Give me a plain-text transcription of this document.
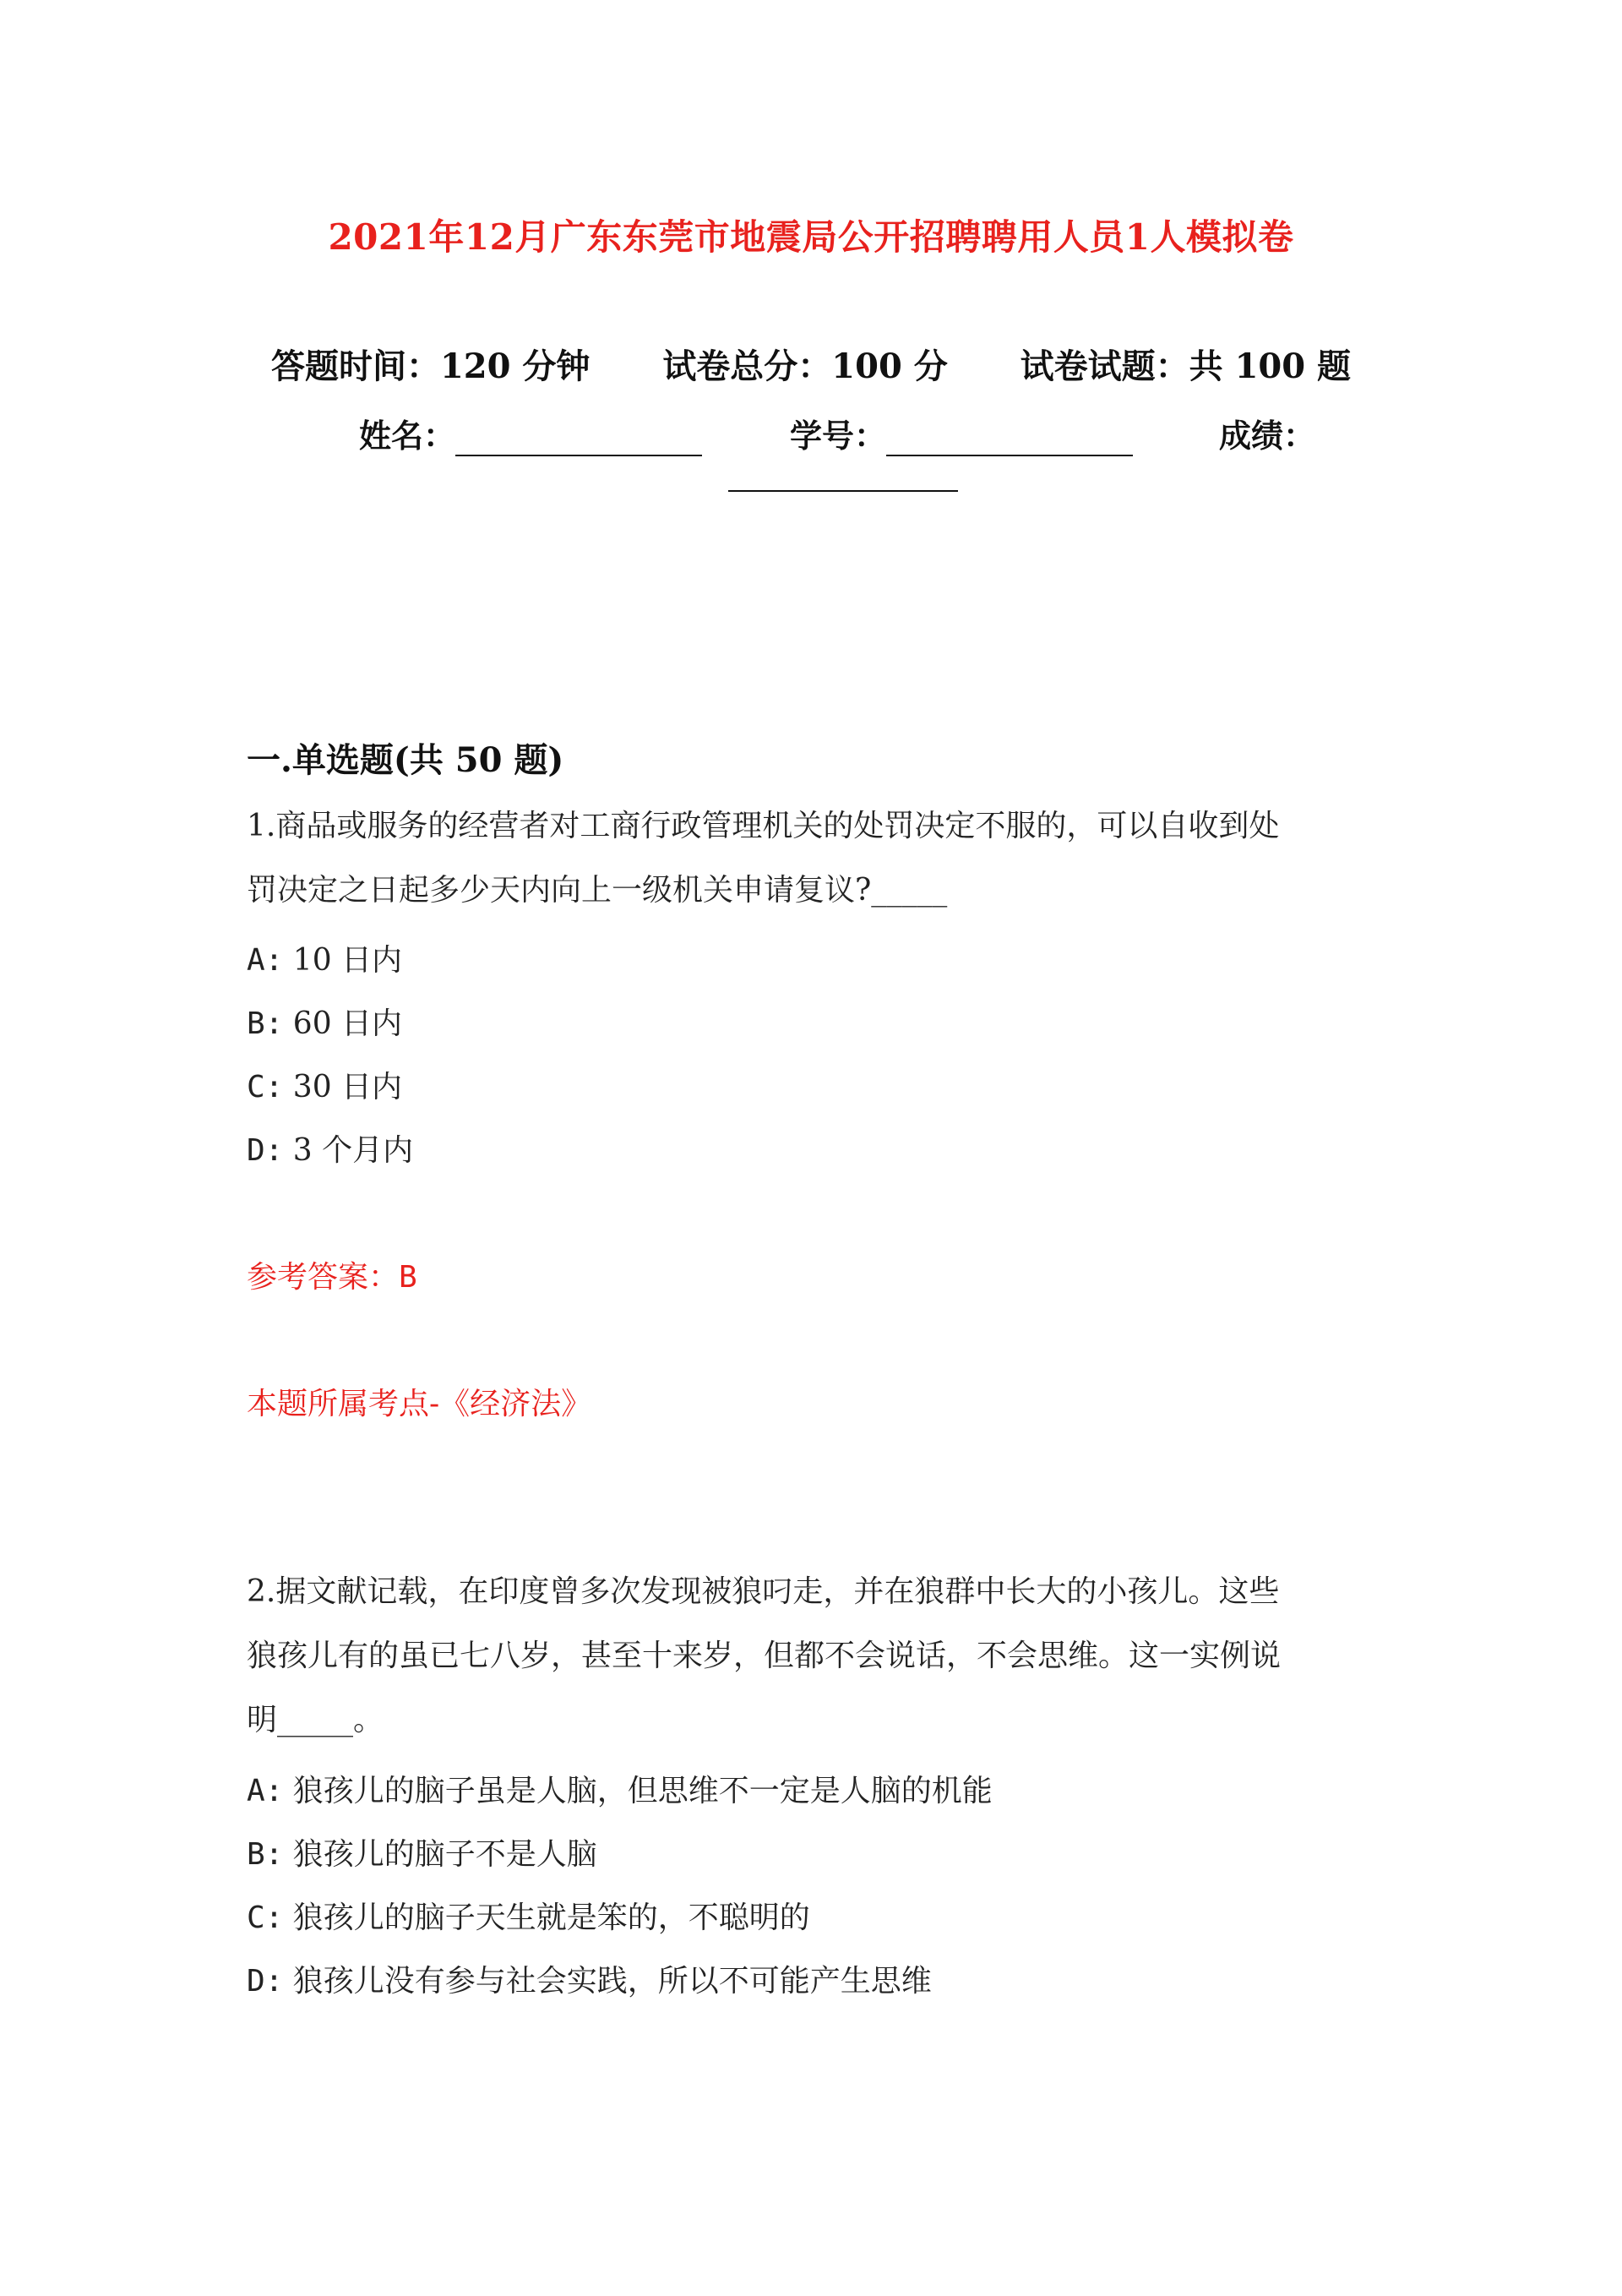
2021年12月广东东莞市地震局公开招聘聘用人员1人模拟卷
答题时间：120 分钟 试卷总分：100 分 试卷试题：共 100 题
姓名：	学号：	成绩：
一.单选题(共 50 题)
1.商品或服务的经营者对工商行政管理机关的处罚决定不服的，可以自收到处
罚决定之日起多少天内向上一级机关申请复议?_____
A: 10 日内
B: 60 日内
C: 30 日内
D: 3 个月内
参考答案：B
本题所属考点-《经济法》
2.据文献记载，在印度曾多次发现被狼叼走，并在狼群中长大的小孩儿。这些
狼孩儿有的虽已七八岁，甚至十来岁，但都不会说话，不会思维。这一实例说
明_____。
A: 狼孩儿的脑子虽是人脑，但思维不一定是人脑的机能
B: 狼孩儿的脑子不是人脑
C: 狼孩儿的脑子天生就是笨的，不聪明的
D: 狼孩儿没有参与社会实践，所以不可能产生思维
